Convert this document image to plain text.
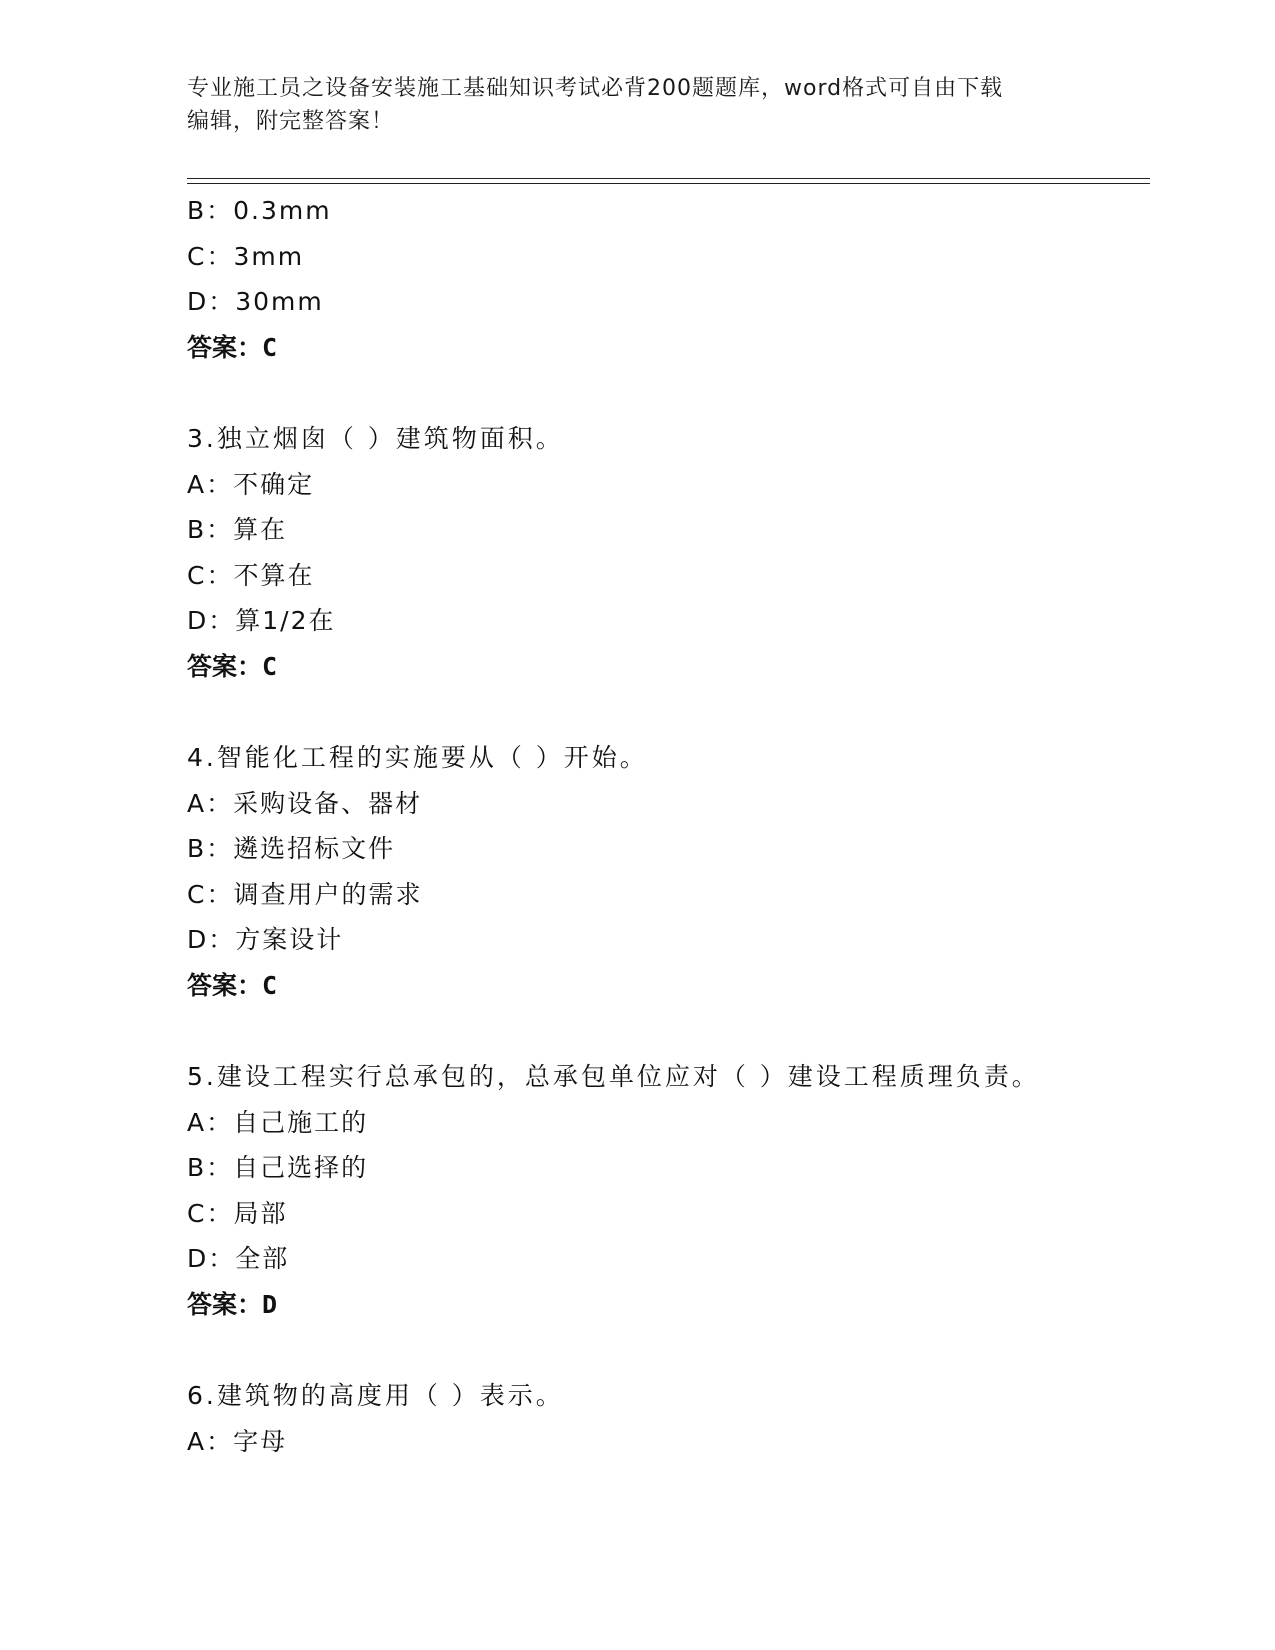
专业施工员之设备安装施工基础知识考试必背200题题库，word格式可自由下载
编辑，附完整答案！
B：0.3mm
C：3mm
D：30mm
答案：C
3.独立烟囱（ ）建筑物面积。
A：不确定
B：算在
C：不算在
D：算1/2在
答案：C
4.智能化工程的实施要从（ ）开始。
A：采购设备、器材
B：遴选招标文件
C：调查用户的需求
D：方案设计
答案：C
5.建设工程实行总承包的，总承包单位应对（ ）建设工程质理负责。
A：自己施工的
B：自己选择的
C：局部
D：全部
答案：D
6.建筑物的高度用（ ）表示。
A：字母
